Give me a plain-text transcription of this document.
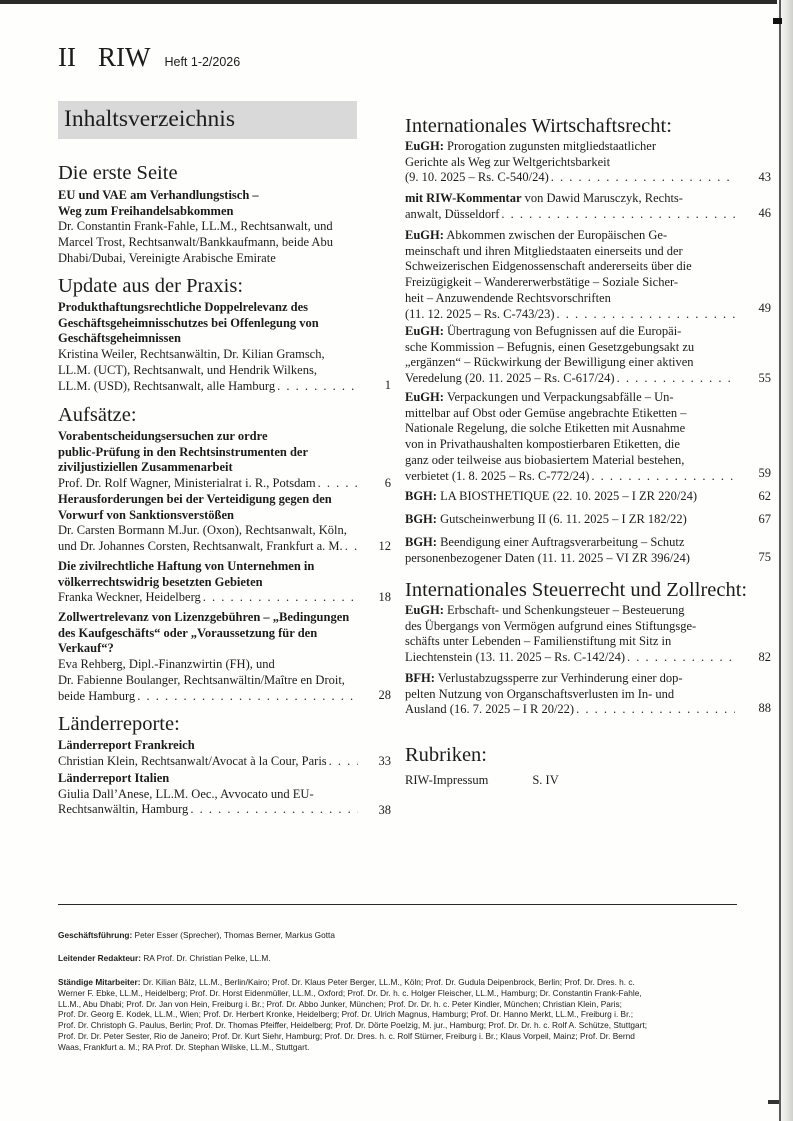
II RIW Heft 1-2/2026
Inhaltsverzeichnis
Die erste Seite
EU und VAE am Verhandlungstisch –
Weg zum Freihandelsabkommen
Dr. Constantin Frank-Fahle, LL.M., Rechtsanwalt, und
Marcel Trost, Rechtsanwalt/Bankkaufmann, beide Abu
Dhabi/Dubai, Vereinigte Arabische Emirate
Update aus der Praxis:
Produkthaftungsrechtliche Doppelrelevanz des
Geschäftsgeheimnisschutzes bei Offenlegung von
Geschäftsgeheimnissen
Kristina Weiler, Rechtsanwältin, Dr. Kilian Gramsch,
LL.M. (UCT), Rechtsanwalt, und Hendrik Wilkens,
LL.M. (USD), Rechtsanwalt, alle Hamburg . . .	1
Aufsätze:
Vorabentscheidungsersuchen zur ordre
public-Prüfung in den Rechtsinstrumenten der
ziviljustiziellen Zusammenarbeit
Prof. Dr. Rolf Wagner, Ministerialrat i. R., Potsdam . . .	6
Herausforderungen bei der Verteidigung gegen den
Vorwurf von Sanktionsverstößen
Dr. Carsten Bormann M.Jur. (Oxon), Rechtsanwalt, Köln,
und Dr. Johannes Corsten, Rechtsanwalt, Frankfurt a. M. . . .	12
Die zivilrechtliche Haftung von Unternehmen in
völkerrechtswidrig besetzten Gebieten
Franka Weckner, Heidelberg . . .	18
Zollwertrelevanz von Lizenzgebühren – „Bedingungen
des Kaufgeschäfts“ oder „Voraussetzung für den
Verkauf“?
Eva Rehberg, Dipl.-Finanzwirtin (FH), und
Dr. Fabienne Boulanger, Rechtsanwältin/Maître en Droit,
beide Hamburg . . .	28
Länderreporte:
Länderreport Frankreich
Christian Klein, Rechtsanwalt/Avocat à la Cour, Paris . . .	33
Länderreport Italien
Giulia Dall’Anese, LL.M. Oec., Avvocato und EU-
Rechtsanwältin, Hamburg . . .	38
Internationales Wirtschaftsrecht:
EuGH: Prorogation zugunsten mitgliedstaatlicher
Gerichte als Weg zur Weltgerichtsbarkeit
(9. 10. 2025 – Rs. C-540/24) . . .	43
mit RIW-Kommentar von Dawid Marusczyk, Rechts-
anwalt, Düsseldorf . . .	46
EuGH: Abkommen zwischen der Europäischen Ge-
meinschaft und ihren Mitgliedstaaten einerseits und der
Schweizerischen Eidgenossenschaft andererseits über die
Freizügigkeit – Wandererwerbstätige – Soziale Sicher-
heit – Anzuwendende Rechtsvorschriften
(11. 12. 2025 – Rs. C-743/23) . . .	49
EuGH: Übertragung von Befugnissen auf die Europäi-
sche Kommission – Befugnis, einen Gesetzgebungsakt zu
„ergänzen“ – Rückwirkung der Bewilligung einer aktiven
Veredelung (20. 11. 2025 – Rs. C-617/24) . . .	55
EuGH: Verpackungen und Verpackungsabfälle – Un-
mittelbar auf Obst oder Gemüse angebrachte Etiketten –
Nationale Regelung, die solche Etiketten mit Ausnahme
von in Privathaushalten kompostierbaren Etiketten, die
ganz oder teilweise aus biobasiertem Material bestehen,
verbietet (1. 8. 2025 – Rs. C-772/24) . . .	59
BGH: LA BIOSTHETIQUE (22. 10. 2025 – I ZR 220/24)	62
BGH: Gutscheinwerbung II (6. 11. 2025 – I ZR 182/22)	67
BGH: Beendigung einer Auftragsverarbeitung – Schutz
personenbezogener Daten (11. 11. 2025 – VI ZR 396/24)	75
Internationales Steuerrecht und Zollrecht:
EuGH: Erbschaft- und Schenkungsteuer – Besteuerung
des Übergangs von Vermögen aufgrund eines Stiftungsge-
schäfts unter Lebenden – Familienstiftung mit Sitz in
Liechtenstein (13. 11. 2025 – Rs. C-142/24) . . .	82
BFH: Verlustabzugssperre zur Verhinderung einer dop-
pelten Nutzung von Organschaftsverlusten im In- und
Ausland (16. 7. 2025 – I R 20/22) . . .	88
Rubriken:
RIW-Impressum	S. IV
Geschäftsführung: Peter Esser (Sprecher), Thomas Berner, Markus Gotta
Leitender Redakteur: RA Prof. Dr. Christian Pelke, LL.M.
Ständige Mitarbeiter: Dr. Kilian Bälz, LL.M., Berlin/Kairo; Prof. Dr. Klaus Peter Berger, LL.M., Köln; Prof. Dr. Gudula Deipenbrock, Berlin; Prof. Dr. Dres. h. c.
Werner F. Ebke, LL.M., Heidelberg; Prof. Dr. Horst Eidenmüller, LL.M., Oxford; Prof. Dr. Dr. h. c. Holger Fleischer, LL.M., Hamburg; Dr. Constantin Frank-Fahle,
LL.M., Abu Dhabi; Prof. Dr. Jan von Hein, Freiburg i. Br.; Prof. Dr. Abbo Junker, München; Prof. Dr. Dr. h. c. Peter Kindler, München; Christian Klein, Paris;
Prof. Dr. Georg E. Kodek, LL.M., Wien; Prof. Dr. Herbert Kronke, Heidelberg; Prof. Dr. Ulrich Magnus, Hamburg; Prof. Dr. Hanno Merkt, LL.M., Freiburg i. Br.;
Prof. Dr. Christoph G. Paulus, Berlin; Prof. Dr. Thomas Pfeiffer, Heidelberg; Prof. Dr. Dörte Poelzig, M. jur., Hamburg; Prof. Dr. Dr. h. c. Rolf A. Schütze, Stuttgart;
Prof. Dr. Dr. Peter Sester, Rio de Janeiro; Prof. Dr. Kurt Siehr, Hamburg; Prof. Dr. Dres. h. c. Rolf Stürner, Freiburg i. Br.; Klaus Vorpeil, Mainz; Prof. Dr. Bernd
Waas, Frankfurt a. M.; RA Prof. Dr. Stephan Wilske, LL.M., Stuttgart.
